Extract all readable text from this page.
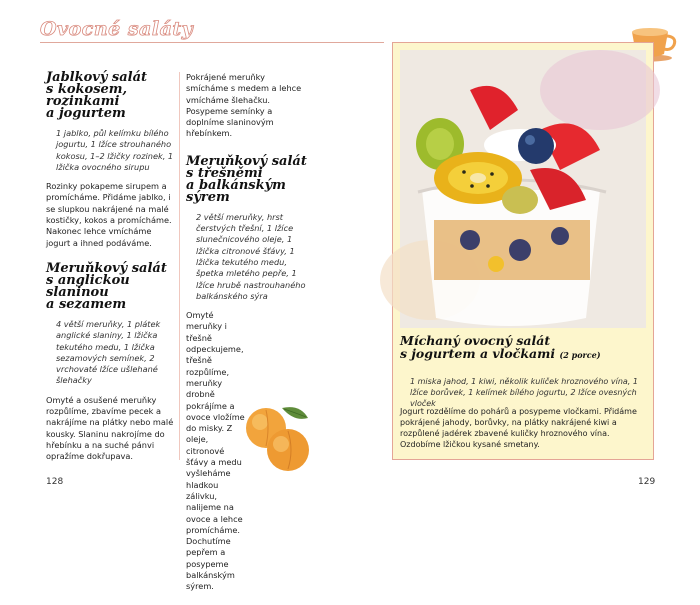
Ovocné saláty
Jablkový salát
s kokosem,
rozinkami
a jogurtem
1 jablko, půl kelímku bílého jogurtu, 1 lžíce strouhaného kokosu, 1–2 lžičky rozinek, 1 lžička ovocného sirupu
Rozinky pokapeme sirupem a promícháme. Přidáme jablko, i se slupkou nakrájené na malé kostičky, kokos a promícháme. Nakonec lehce vmícháme jogurt a ihned podáváme.
Meruňkový salát
s anglickou
slaninou
a sezamem
4 větší meruňky, 1 plátek anglické slaniny, 1 lžička tekutého medu, 1 lžička sezamových semínek, 2 vrchovaté lžíce ušlehané šlehačky
Omyté a osušené meruňky rozpůlíme, zbavíme pecek a nakrájíme na plátky nebo malé kousky. Slaninu nakrojíme do hřebínku a na suché pánvi opražíme dokřupava.
Pokrájené meruňky smícháme s medem a lehce vmícháme šlehačku. Posypeme semínky a doplníme slaninovým hřebínkem.
Meruňkový salát
s třešněmi
a balkánským
sýrem
2 větší meruňky, hrst čerstvých třešní, 1 lžíce slunečnicového oleje, 1 lžička citronové šťávy, 1 lžička tekutého medu, špetka mletého pepře, 1 lžíce hrubě nastrouhaného balkánského sýra
Omyté meruňky i třešně odpeckujeme, třešně rozpůlíme, meruňky drobně pokrájíme a ovoce vložíme do misky. Z oleje, citronové šťávy a medu vyšleháme hladkou zálivku, nalijeme na ovoce a lehce promícháme. Dochutíme pepřem a posypeme balkánským sýrem.
Míchaný ovocný salát
s jogurtem a vločkami (2 porce)
1 miska jahod, 1 kiwi, několik kuliček hroznového vína, 1 lžíce borůvek, 1 kelímek bílého jogurtu, 2 lžíce ovesných vloček
Jogurt rozdělíme do pohárů a posypeme vločkami. Přidáme pokrájené jahody, borůvky, na plátky nakrájené kiwi a rozpůlené jadérek zbavené kuličky hroznového vína. Ozdobíme lžičkou kysané smetany.
128	129
